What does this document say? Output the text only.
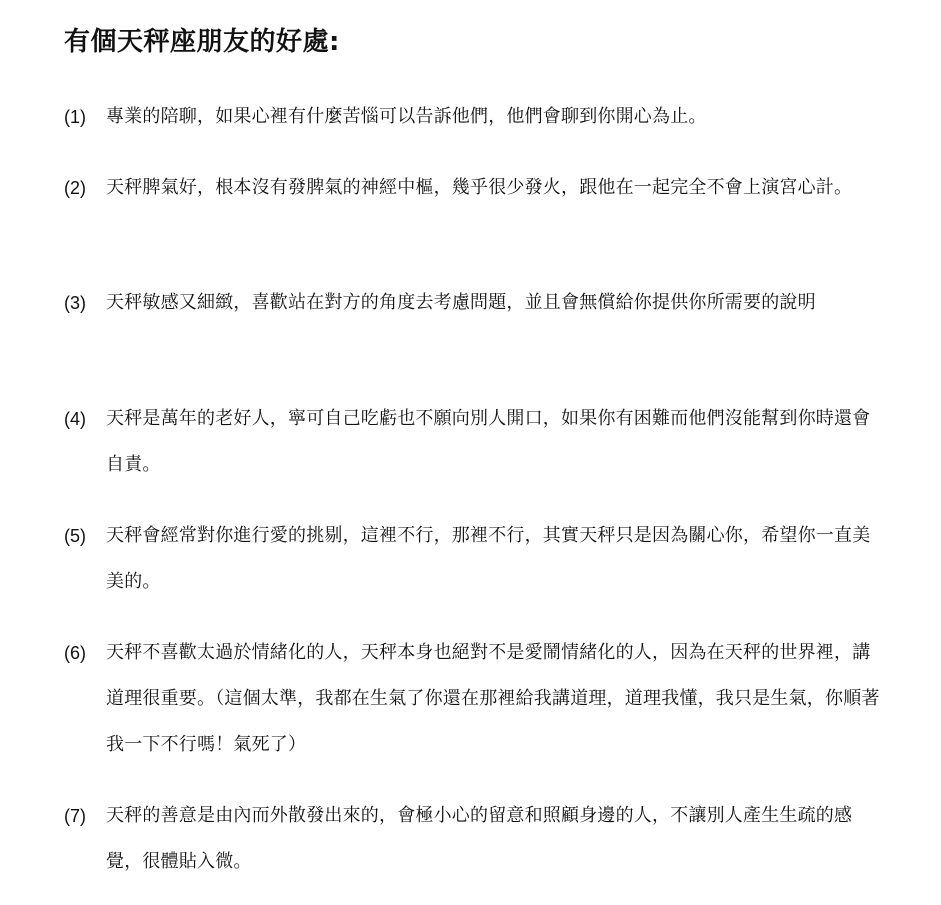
有個天秤座朋友的好處:
(1)	專業的陪聊，如果心裡有什麼苦惱可以告訴他們，他們會聊到你開心為止。
(2)	天秤脾氣好，根本沒有發脾氣的神經中樞，幾乎很少發火，跟他在一起完全不會上演宮心計。
(3)	天秤敏感又細緻，喜歡站在對方的角度去考慮問題，並且會無償給你提供你所需要的說明
(4)	天秤是萬年的老好人，寧可自己吃虧也不願向別人開口，如果你有困難而他們沒能幫到你時還會自責。
(5)	天秤會經常對你進行愛的挑剔，這裡不行，那裡不行，其實天秤只是因為關心你，希望你一直美美的。
(6)	天秤不喜歡太過於情緒化的人，天秤本身也絕對不是愛鬧情緒化的人，因為在天秤的世界裡，講道理很重要。（這個太準，我都在生氣了你還在那裡給我講道理，道理我懂，我只是生氣，你順著我一下不行嗎！氣死了）
(7)	天秤的善意是由內而外散發出來的，會極小心的留意和照顧身邊的人，不讓別人產生生疏的感覺，很體貼入微。
